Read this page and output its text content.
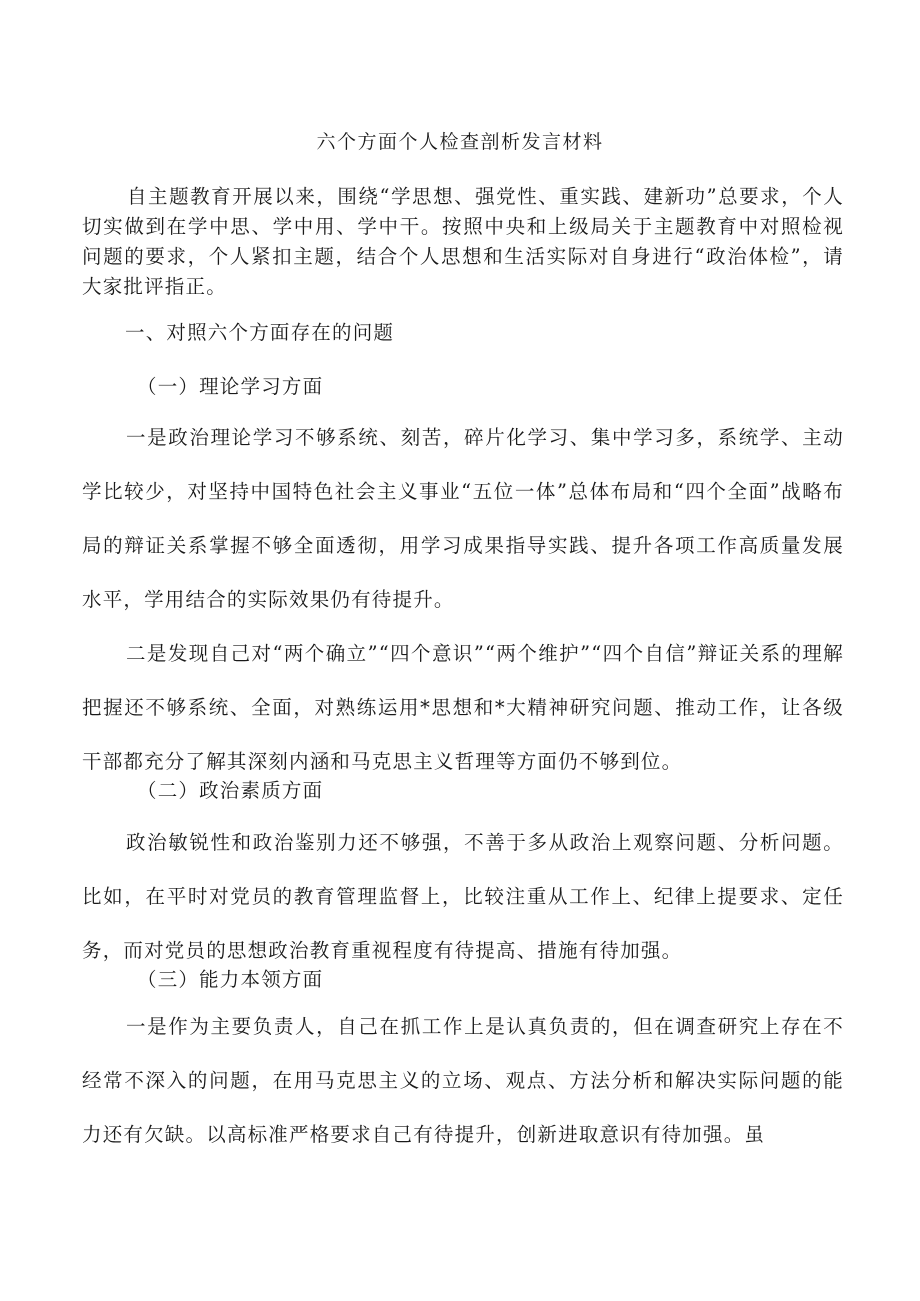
六个方面个人检查剖析发言材料

自主题教育开展以来，围绕“学思想、强党性、重实践、建新功”总要求，个人切实做到在学中思、学中用、学中干。按照中央和上级局关于主题教育中对照检视问题的要求，个人紧扣主题，结合个人思想和生活实际对自身进行“政治体检”，请大家批评指正。

一、对照六个方面存在的问题

（一）理论学习方面

一是政治理论学习不够系统、刻苦，碎片化学习、集中学习多，系统学、主动学比较少，对坚持中国特色社会主义事业“五位一体”总体布局和“四个全面”战略布局的辩证关系掌握不够全面透彻，用学习成果指导实践、提升各项工作高质量发展水平，学用结合的实际效果仍有待提升。

二是发现自己对“两个确立”“四个意识”“两个维护”“四个自信”辩证关系的理解把握还不够系统、全面，对熟练运用*思想和*大精神研究问题、推动工作，让各级干部都充分了解其深刻内涵和马克思主义哲理等方面仍不够到位。

（二）政治素质方面

政治敏锐性和政治鉴别力还不够强，不善于多从政治上观察问题、分析问题。比如，在平时对党员的教育管理监督上，比较注重从工作上、纪律上提要求、定任务，而对党员的思想政治教育重视程度有待提高、措施有待加强。

（三）能力本领方面

一是作为主要负责人，自己在抓工作上是认真负责的，但在调查研究上存在不经常不深入的问题，在用马克思主义的立场、观点、方法分析和解决实际问题的能力还有欠缺。以高标准严格要求自己有待提升，创新进取意识有待加强。虽
